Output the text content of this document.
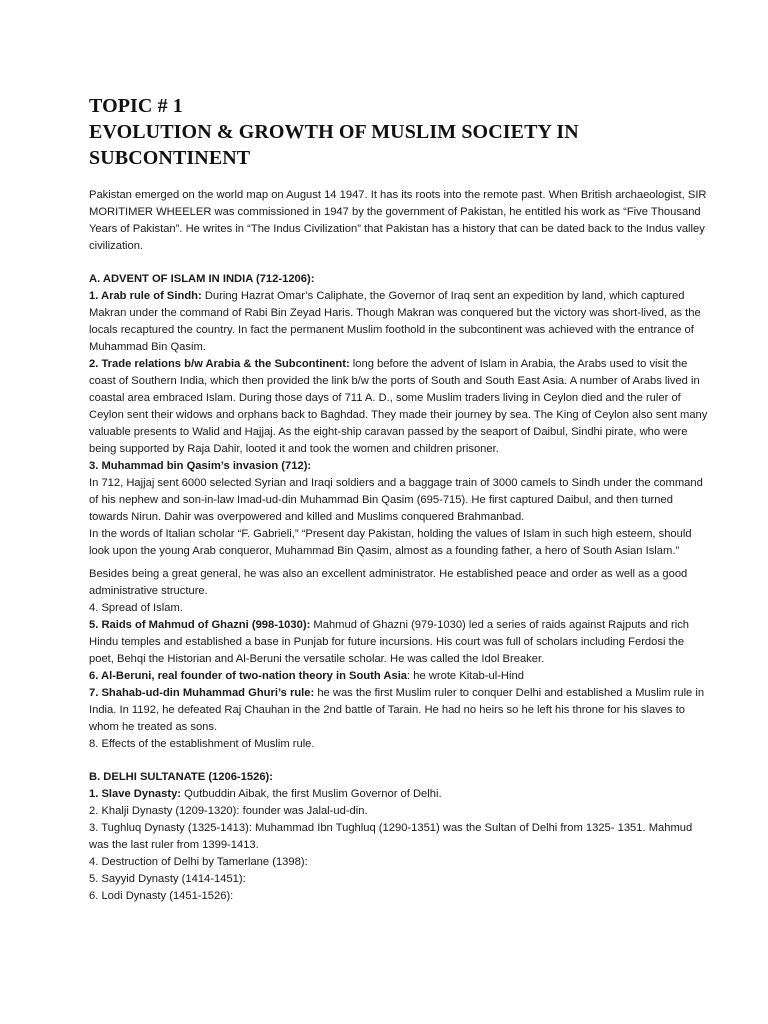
TOPIC # 1
EVOLUTION & GROWTH OF MUSLIM SOCIETY IN
SUBCONTINENT

Pakistan emerged on the world map on August 14 1947. It has its roots into the remote past. When British archaeologist, SIR MORITIMER WHEELER was commissioned in 1947 by the government of Pakistan, he entitled his work as “Five Thousand Years of Pakistan”. He writes in “The Indus Civilization” that Pakistan has a history that can be dated back to the Indus valley civilization.

A. ADVENT OF ISLAM IN INDIA (712-1206):

1. Arab rule of Sindh: During Hazrat Omar’s Caliphate, the Governor of Iraq sent an expedition by land, which captured Makran under the command of Rabi Bin Zeyad Haris. Though Makran was conquered but the victory was short-lived, as the locals recaptured the country. In fact the permanent Muslim foothold in the subcontinent was achieved with the entrance of Muhammad Bin Qasim.

2. Trade relations b/w Arabia & the Subcontinent: long before the advent of Islam in Arabia, the Arabs used to visit the coast of Southern India, which then provided the link b/w the ports of South and South East Asia. A number of Arabs lived in coastal area embraced Islam. During those days of 711 A. D., some Muslim traders living in Ceylon died and the ruler of Ceylon sent their widows and orphans back to Baghdad. They made their journey by sea. The King of Ceylon also sent many valuable presents to Walid and Hajjaj. As the eight-ship caravan passed by the seaport of Daibul, Sindhi pirate, who were being supported by Raja Dahir, looted it and took the women and children prisoner.

3. Muhammad bin Qasim’s invasion (712):

In 712, Hajjaj sent 6000 selected Syrian and Iraqi soldiers and a baggage train of 3000 camels to Sindh under the command of his nephew and son-in-law Imad-ud-din Muhammad Bin Qasim (695-715). He first captured Daibul, and then turned towards Nirun. Dahir was overpowered and killed and Muslims conquered Brahmanbad.

In the words of Italian scholar “F. Gabrieli,” “Present day Pakistan, holding the values of Islam in such high esteem, should look upon the young Arab conqueror, Muhammad Bin Qasim, almost as a founding father, a hero of South Asian Islam.”

Besides being a great general, he was also an excellent administrator. He established peace and order as well as a good administrative structure.

4. Spread of Islam.

5. Raids of Mahmud of Ghazni (998-1030): Mahmud of Ghazni (979-1030) led a series of raids against Rajputs and rich Hindu temples and established a base in Punjab for future incursions. His court was full of scholars including Ferdosi the poet, Behqi the Historian and Al-Beruni the versatile scholar. He was called the Idol Breaker.

6. Al-Beruni, real founder of two-nation theory in South Asia: he wrote Kitab-ul-Hind

7. Shahab-ud-din Muhammad Ghuri’s rule: he was the first Muslim ruler to conquer Delhi and established a Muslim rule in India. In 1192, he defeated Raj Chauhan in the 2nd battle of Tarain. He had no heirs so he left his throne for his slaves to whom he treated as sons.

8. Effects of the establishment of Muslim rule.

B. DELHI SULTANATE (1206-1526):

1. Slave Dynasty: Qutbuddin Aibak, the first Muslim Governor of Delhi.

2. Khalji Dynasty (1209-1320): founder was Jalal-ud-din.

3. Tughluq Dynasty (1325-1413): Muhammad Ibn Tughluq (1290-1351) was the Sultan of Delhi from 1325- 1351. Mahmud was the last ruler from 1399-1413.

4. Destruction of Delhi by Tamerlane (1398):

5. Sayyid Dynasty (1414-1451):

6. Lodi Dynasty (1451-1526):
